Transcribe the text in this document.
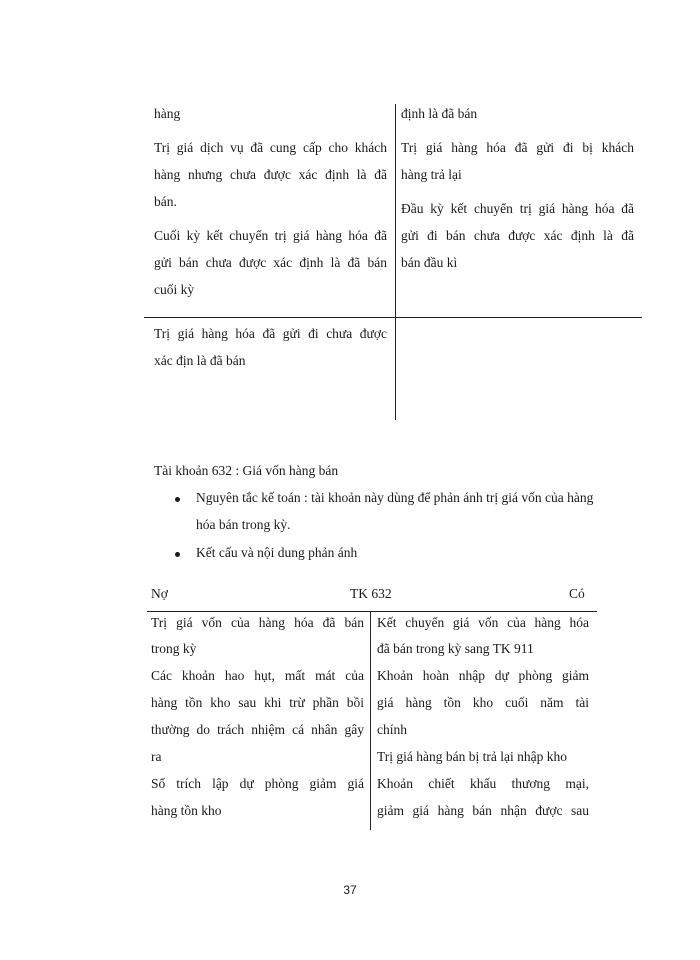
hàng
Trị giá dịch vụ đã cung cấp cho khách
hàng nhưng chưa được xác định là đã
bán.
Cuối kỳ kết chuyển trị giá hàng hóa đã
gửi bán chưa được xác định là đã bán
cuối kỳ
định là đã bán
Trị giá hàng hóa đã gửi đi bị khách
hàng trả lại
Đầu kỳ kết chuyển trị giá hàng hóa đã
gửi đi bán chưa được xác định là đã
bán đầu kì
Trị giá hàng hóa đã gửi đi chưa được
xác địn là đã bán
Tài khoản 632 : Giá vốn hàng bán
Nguyên tắc kế toán : tài khoản này dùng để phản ánh trị giá vốn của hàng
hóa bán trong kỳ.
Kết cấu và nội dung phản ánh
Nợ	TK 632	Có
Trị giá vốn của hàng hóa đã bán
trong kỳ
Các khoản hao hụt, mất mát của
hàng tồn kho sau khi trừ phần bồi
thường do trách nhiệm cá nhân gây
ra
Số trích lập dự phòng giảm giá
hàng tồn kho
Kết chuyển giá vốn của hàng hóa
đã bán trong kỳ sang TK 911
Khoản hoàn nhập dự phòng giảm
giá hàng tồn kho cuối năm tài
chính
Trị giá hàng bán bị trả lại nhập kho
Khoản chiết khấu thương mại,
giảm giá hàng bán nhận được sau
37
